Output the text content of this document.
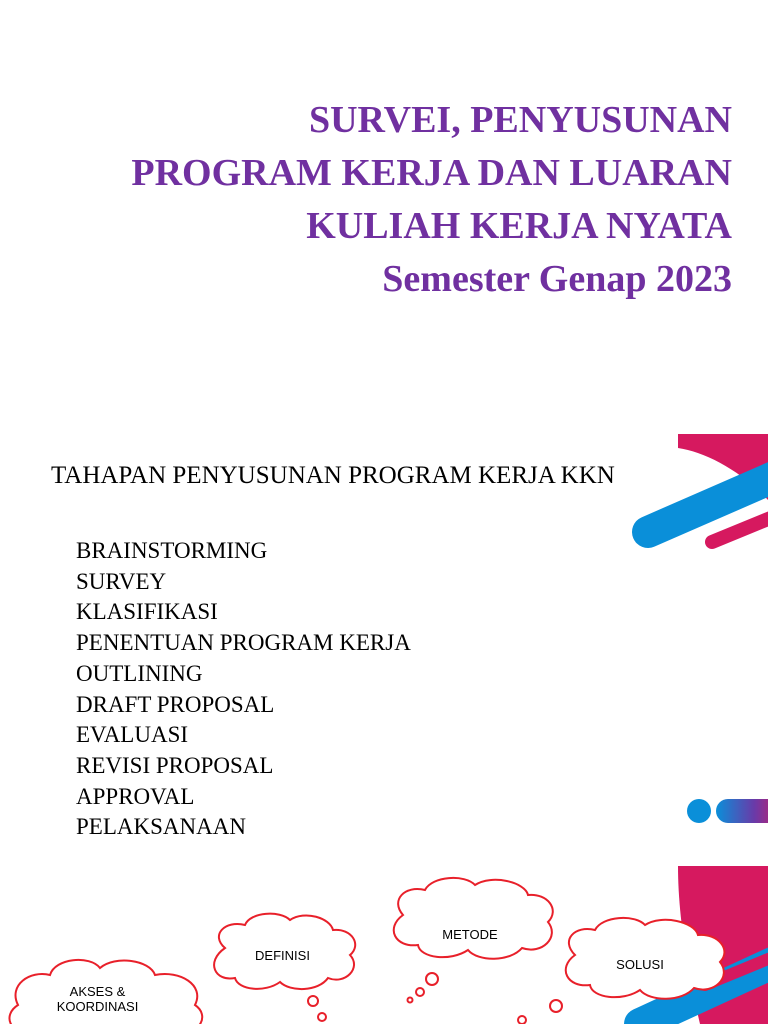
SURVEI, PENYUSUNAN
PROGRAM KERJA DAN LUARAN
KULIAH KERJA NYATA
Semester Genap 2023
TAHAPAN PENYUSUNAN PROGRAM KERJA KKN
BRAINSTORMING
SURVEY
KLASIFIKASI
PENENTUAN PROGRAM KERJA
OUTLINING
DRAFT PROPOSAL
EVALUASI
REVISI PROPOSAL
APPROVAL
PELAKSANAAN
AKSES & KOORDINASI
DEFINISI
METODE
SOLUSI
